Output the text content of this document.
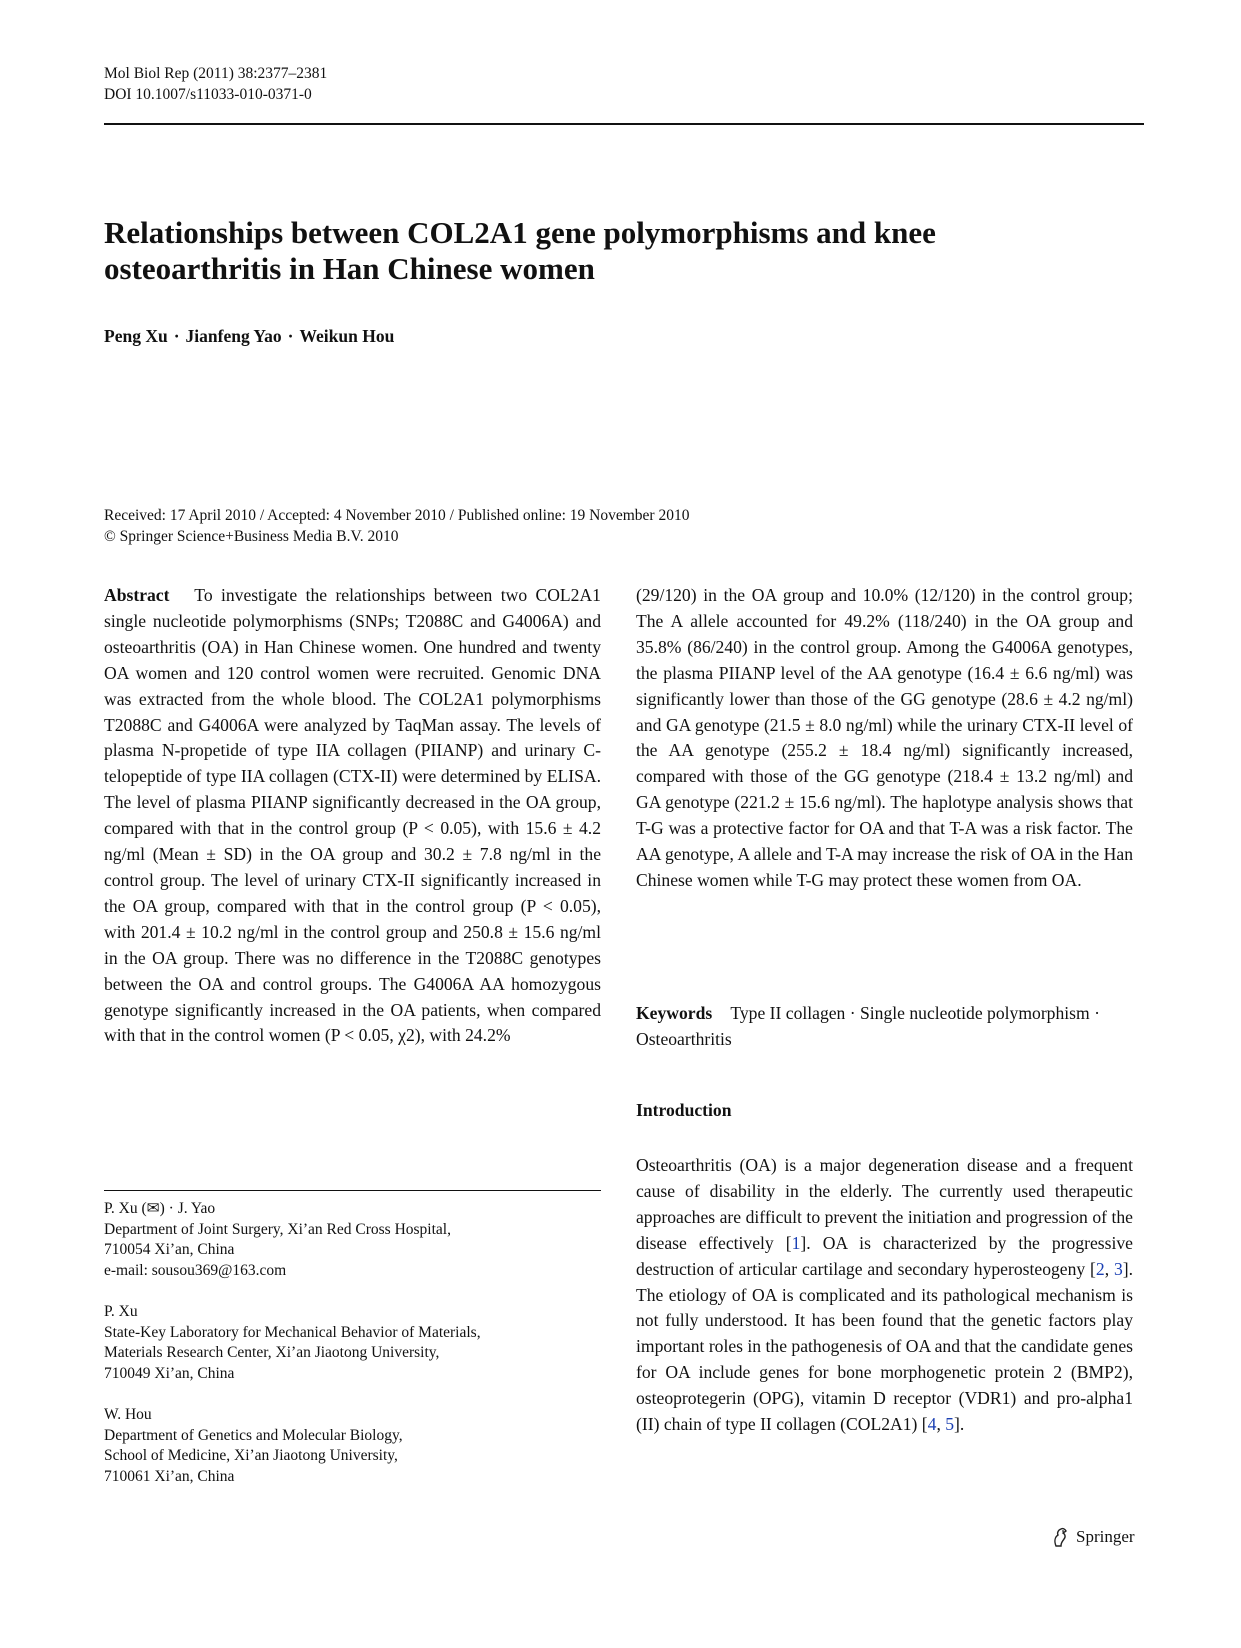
Mol Biol Rep (2011) 38:2377–2381
DOI 10.1007/s11033-010-0371-0
Relationships between COL2A1 gene polymorphisms and knee osteoarthritis in Han Chinese women
Peng Xu · Jianfeng Yao · Weikun Hou
Received: 17 April 2010 / Accepted: 4 November 2010 / Published online: 19 November 2010
© Springer Science+Business Media B.V. 2010
Abstract To investigate the relationships between two COL2A1 single nucleotide polymorphisms (SNPs; T2088C and G4006A) and osteoarthritis (OA) in Han Chinese women. One hundred and twenty OA women and 120 control women were recruited. Genomic DNA was extracted from the whole blood. The COL2A1 polymorphisms T2088C and G4006A were analyzed by TaqMan assay. The levels of plasma N-propetide of type IIA collagen (PIIANP) and urinary C-telopeptide of type IIA collagen (CTX-II) were determined by ELISA. The level of plasma PIIANP significantly decreased in the OA group, compared with that in the control group (P < 0.05), with 15.6 ± 4.2 ng/ml (Mean ± SD) in the OA group and 30.2 ± 7.8 ng/ml in the control group. The level of urinary CTX-II significantly increased in the OA group, compared with that in the control group (P < 0.05), with 201.4 ± 10.2 ng/ml in the control group and 250.8 ± 15.6 ng/ml in the OA group. There was no difference in the T2088C genotypes between the OA and control groups. The G4006A AA homozygous genotype significantly increased in the OA patients, when compared with that in the control women (P < 0.05, χ2), with 24.2%
(29/120) in the OA group and 10.0% (12/120) in the control group; The A allele accounted for 49.2% (118/240) in the OA group and 35.8% (86/240) in the control group. Among the G4006A genotypes, the plasma PIIANP level of the AA genotype (16.4 ± 6.6 ng/ml) was significantly lower than those of the GG genotype (28.6 ± 4.2 ng/ml) and GA genotype (21.5 ± 8.0 ng/ml) while the urinary CTX-II level of the AA genotype (255.2 ± 18.4 ng/ml) significantly increased, compared with those of the GG genotype (218.4 ± 13.2 ng/ml) and GA genotype (221.2 ± 15.6 ng/ml). The haplotype analysis shows that T-G was a protective factor for OA and that T-A was a risk factor. The AA genotype, A allele and T-A may increase the risk of OA in the Han Chinese women while T-G may protect these women from OA.
Keywords Type II collagen · Single nucleotide polymorphism · Osteoarthritis
Introduction
Osteoarthritis (OA) is a major degeneration disease and a frequent cause of disability in the elderly. The currently used therapeutic approaches are difficult to prevent the initiation and progression of the disease effectively [1]. OA is characterized by the progressive destruction of articular cartilage and secondary hyperosteogeny [2, 3]. The etiology of OA is complicated and its pathological mechanism is not fully understood. It has been found that the genetic factors play important roles in the pathogenesis of OA and that the candidate genes for OA include genes for bone morphogenetic protein 2 (BMP2), osteoprotegerin (OPG), vitamin D receptor (VDR1) and pro-alpha1 (II) chain of type II collagen (COL2A1) [4, 5].
P. Xu (✉) · J. Yao
Department of Joint Surgery, Xi’an Red Cross Hospital,
710054 Xi’an, China
e-mail: sousou369@163.com
P. Xu
State-Key Laboratory for Mechanical Behavior of Materials,
Materials Research Center, Xi’an Jiaotong University,
710049 Xi’an, China
W. Hou
Department of Genetics and Molecular Biology,
School of Medicine, Xi’an Jiaotong University,
710061 Xi’an, China
Springer
